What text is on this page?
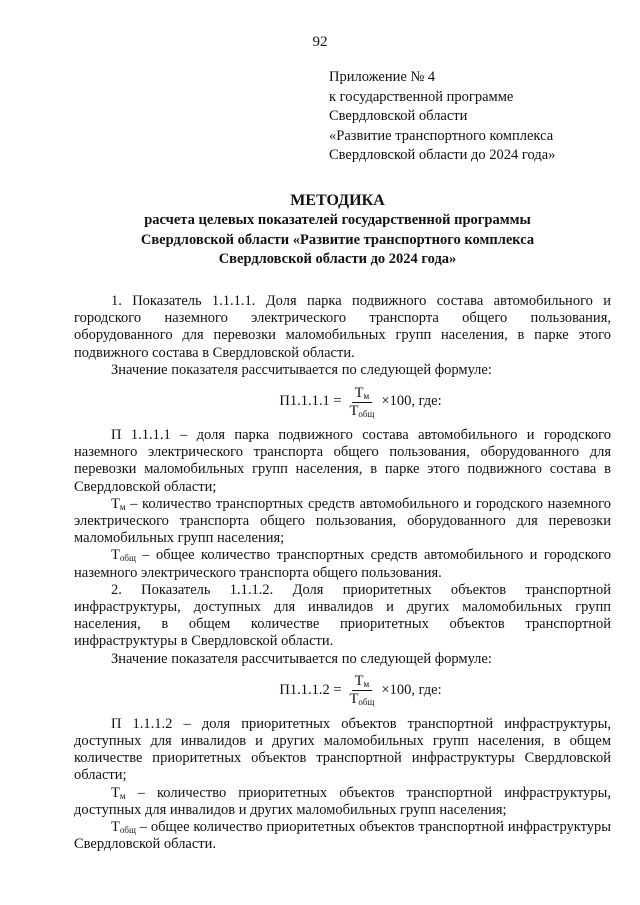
92
Приложение № 4
к государственной программе
Свердловской области
«Развитие транспортного комплекса
Свердловской области до 2024 года»
МЕТОДИКА
расчета целевых показателей государственной программы
Свердловской области «Развитие транспортного комплекса
Свердловской области до 2024 года»

1. Показатель 1.1.1.1. Доля парка подвижного состава автомобильного и городского наземного электрического транспорта общего пользования, оборудованного для перевозки маломобильных групп населения, в парке этого подвижного состава в Свердловской области.

Значение показателя рассчитывается по следующей формуле:

$П1.1.1.1 = \frac{Т_м}{Т_{общ}} \times 100$, где:

П 1.1.1.1 – доля парка подвижного состава автомобильного и городского наземного электрического транспорта общего пользования, оборудованного для перевозки маломобильных групп населения, в парке этого подвижного состава в Свердловской области;

$Т_м$ – количество транспортных средств автомобильного и городского наземного электрического транспорта общего пользования, оборудованного для перевозки маломобильных групп населения;

$Т_{общ}$ – общее количество транспортных средств автомобильного и городского наземного электрического транспорта общего пользования.

2. Показатель 1.1.1.2. Доля приоритетных объектов транспортной инфраструктуры, доступных для инвалидов и других маломобильных групп населения, в общем количестве приоритетных объектов транспортной инфраструктуры в Свердловской области.

Значение показателя рассчитывается по следующей формуле:

$П1.1.1.2 = \frac{Т_м}{Т_{общ}} \times 100$, где:

П 1.1.1.2 – доля приоритетных объектов транспортной инфраструктуры, доступных для инвалидов и других маломобильных групп населения, в общем количестве приоритетных объектов транспортной инфраструктуры Свердловской области;

$Т_м$ – количество приоритетных объектов транспортной инфраструктуры, доступных для инвалидов и других маломобильных групп населения;

$Т_{общ}$ – общее количество приоритетных объектов транспортной инфраструктуры Свердловской области.
